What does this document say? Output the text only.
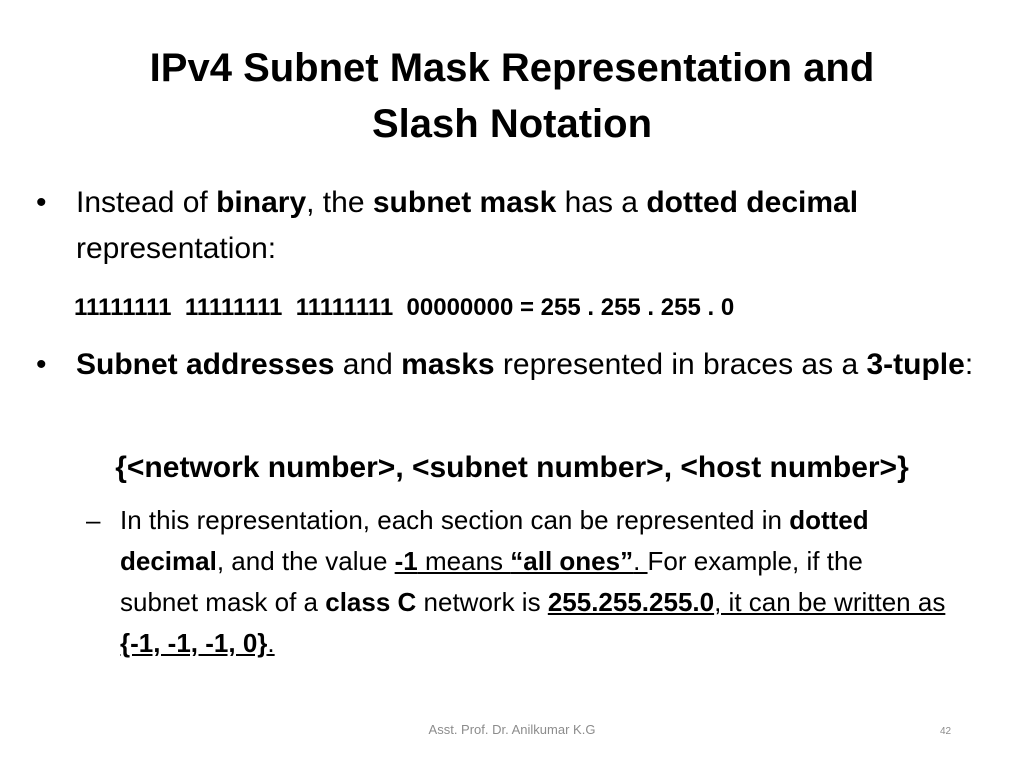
IPv4 Subnet Mask Representation and
Slash Notation
• Instead of binary, the subnet mask has a dotted decimal representation:
11111111  11111111  11111111  00000000 = 255 . 255 . 255 . 0
• Subnet addresses and masks represented in braces as a 3-tuple:
{<network number>, <subnet number>, <host number>}
– In this representation, each section can be represented in dotted decimal, and the value -1 means “all ones”. For example, if the subnet mask of a class C network is 255.255.255.0, it can be written as {-1, -1, -1, 0}.
Asst. Prof. Dr. Anilkumar K.G	42
